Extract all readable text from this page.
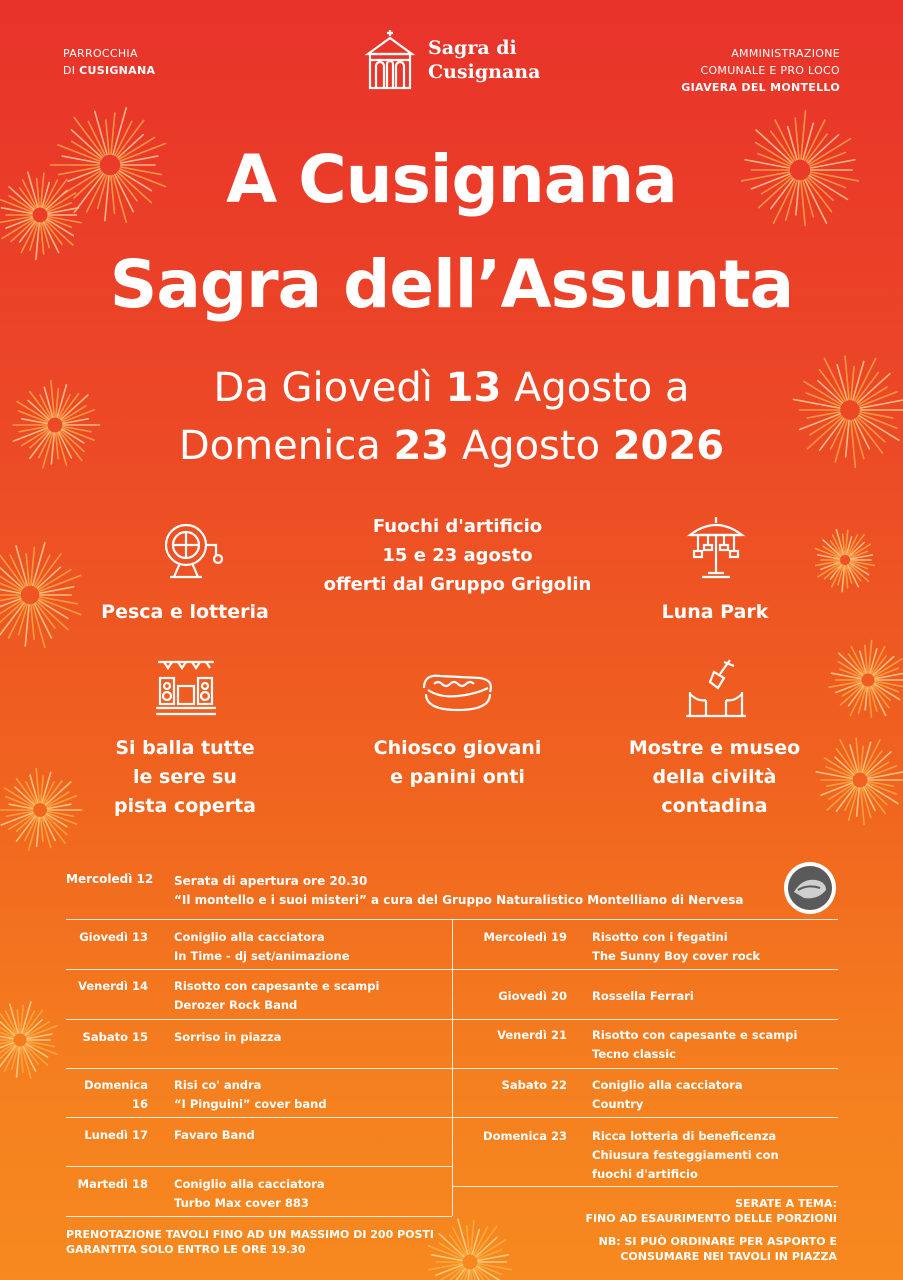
PARROCCHIA
DI CUSIGNANA
Sagra di
Cusignana
AMMINISTRAZIONE
COMUNALE E PRO LOCO
GIAVERA DEL MONTELLO
A Cusignana
Sagra dell’Assunta
Da Giovedì 13 Agosto a
Domenica 23 Agosto 2026
Pesca e lotteria
Fuochi d'artificio
15 e 23 agosto
offerti dal Gruppo Grigolin
Luna Park
Si balla tutte
le sere su
pista coperta
Chiosco giovani
e panini onti
Mostre e museo
della civiltà
contadina
Mercoledì 12 Serata di apertura ore 20.30
“Il montello e i suoi misteri” a cura del Gruppo Naturalistico Montelliano di Nervesa
Giovedì 13 Coniglio alla cacciatora
In Time - dj set/animazione
Venerdì 14 Risotto con capesante e scampi
Derozer Rock Band
Sabato 15 Sorriso in piazza
Domenica 16
Risi co' andra
“I Pinguini” cover band
Lunedì 17 Favaro Band
Martedì 18 Coniglio alla cacciatora
Turbo Max cover 883
Mercoledì 19 Risotto con i fegatini
The Sunny Boy cover rock
Giovedì 20 Rossella Ferrari
Venerdì 21 Risotto con capesante e scampi
Tecno classic
Sabato 22 Coniglio alla cacciatora
Country
Domenica 23 Ricca lotteria di beneficenza
Chiusura festeggiamenti con
fuochi d'artificio
PRENOTAZIONE TAVOLI FINO AD UN MASSIMO DI 200 POSTI
GARANTITA SOLO ENTRO LE ORE 19.30
SERATE A TEMA:
FINO AD ESAURIMENTO DELLE PORZIONI
NB: SI PUÒ ORDINARE PER ASPORTO E
CONSUMARE NEI TAVOLI IN PIAZZA
